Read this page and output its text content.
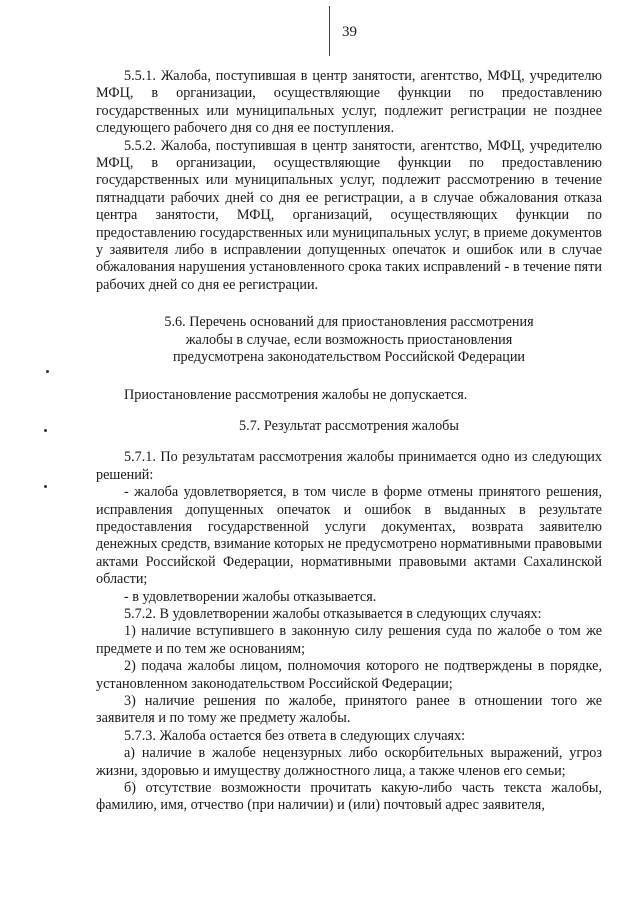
39

5.5.1. Жалоба, поступившая в центр занятости, агентство, МФЦ, учредителю МФЦ, в организации, осуществляющие функции по предоставлению государственных или муниципальных услуг, подлежит регистрации не позднее следующего рабочего дня со дня ее поступления.

5.5.2. Жалоба, поступившая в центр занятости, агентство, МФЦ, учредителю МФЦ, в организации, осуществляющие функции по предоставлению государственных или муниципальных услуг, подлежит рассмотрению в течение пятнадцати рабочих дней со дня ее регистрации, а в случае обжалования отказа центра занятости, МФЦ, организаций, осуществляющих функции по предоставлению государственных или муниципальных услуг, в приеме документов у заявителя либо в исправлении допущенных опечаток и ошибок или в случае обжалования нарушения установленного срока таких исправлений - в течение пяти рабочих дней со дня ее регистрации.

5.6. Перечень оснований для приостановления рассмотрения жалобы в случае, если возможность приостановления предусмотрена законодательством Российской Федерации

Приостановление рассмотрения жалобы не допускается.

5.7. Результат рассмотрения жалобы

5.7.1. По результатам рассмотрения жалобы принимается одно из следующих решений:

- жалоба удовлетворяется, в том числе в форме отмены принятого решения, исправления допущенных опечаток и ошибок в выданных в результате предоставления государственной услуги документах, возврата заявителю денежных средств, взимание которых не предусмотрено нормативными правовыми актами Российской Федерации, нормативными правовыми актами Сахалинской области;

- в удовлетворении жалобы отказывается.

5.7.2. В удовлетворении жалобы отказывается в следующих случаях:

1) наличие вступившего в законную силу решения суда по жалобе о том же предмете и по тем же основаниям;

2) подача жалобы лицом, полномочия которого не подтверждены в порядке, установленном законодательством Российской Федерации;

3) наличие решения по жалобе, принятого ранее в отношении того же заявителя и по тому же предмету жалобы.

5.7.3. Жалоба остается без ответа в следующих случаях:

а) наличие в жалобе нецензурных либо оскорбительных выражений, угроз жизни, здоровью и имуществу должностного лица, а также членов его семьи;

б) отсутствие возможности прочитать какую-либо часть текста жалобы, фамилию, имя, отчество (при наличии) и (или) почтовый адрес заявителя,
